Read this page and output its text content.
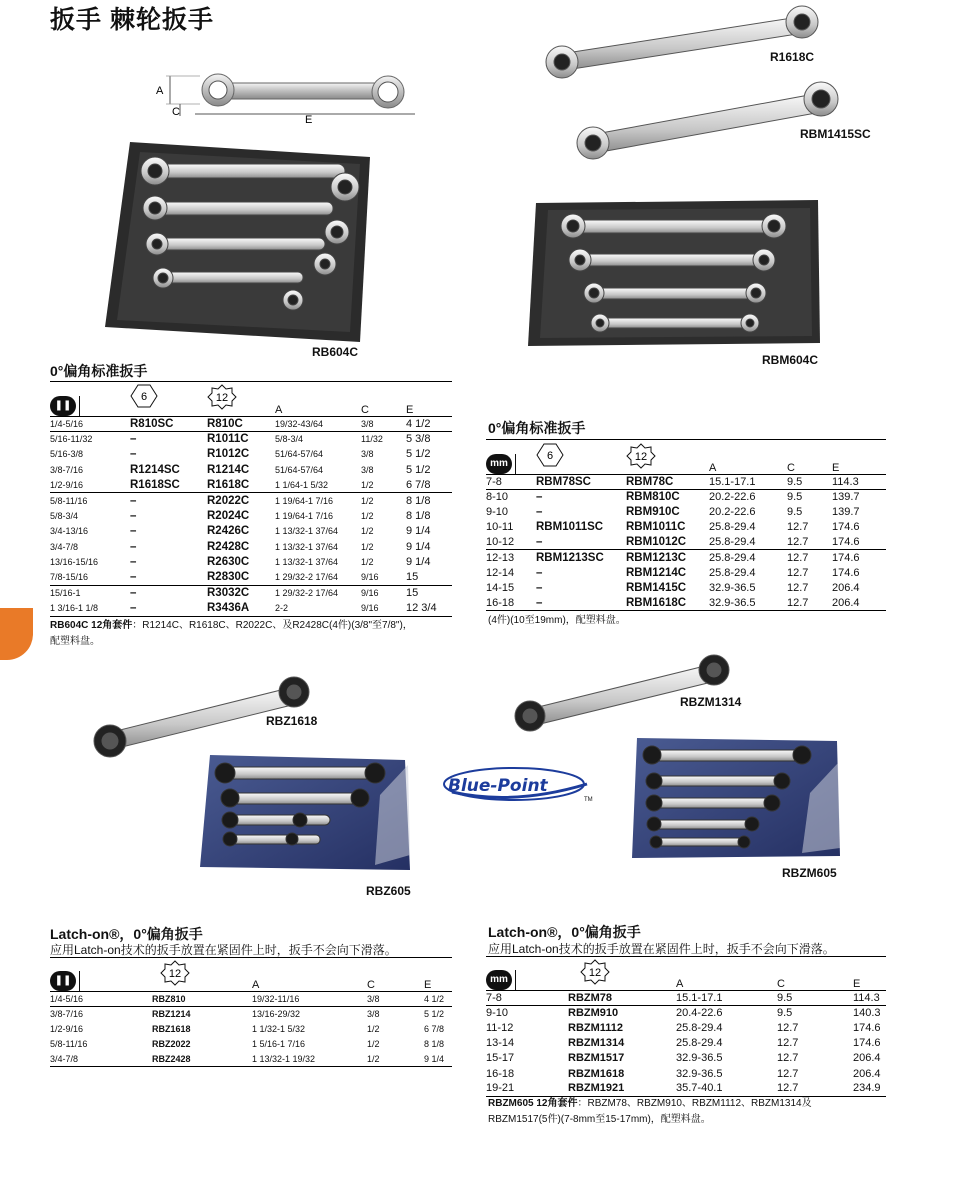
扳手 棘轮扳手
A
C
E
RB604C
R1618C
RBM1415SC
RBM604C
0°偏角标准扳手
❚❚	6	12	A	C	E
1/4-5/16	R810SC	R810C	19/32-43/64	3/8	4 1/2
5/16-11/32	–	R1011C	5/8-3/4	11/32	5 3/8
5/16-3/8	–	R1012C	51/64-57/64	3/8	5 1/2
3/8-7/16	R1214SC	R1214C	51/64-57/64	3/8	5 1/2
1/2-9/16	R1618SC	R1618C	1 1/64-1 5/32	1/2	6 7/8
5/8-11/16	–	R2022C	1 19/64-1 7/16	1/2	8 1/8
5/8-3/4	–	R2024C	1 19/64-1 7/16	1/2	8 1/8
3/4-13/16	–	R2426C	1 13/32-1 37/64	1/2	9 1/4
3/4-7/8	–	R2428C	1 13/32-1 37/64	1/2	9 1/4
13/16-15/16	–	R2630C	1 13/32-1 37/64	1/2	9 1/4
7/8-15/16	–	R2830C	1 29/32-2 17/64	9/16	15
15/16-1	–	R3032C	1 29/32-2 17/64	9/16	15
1 3/16-1 1/8	–	R3436A	2-2	9/16	12 3/4
RB604C 12角套件：R1214C、R1618C、R2022C、及R2428C(4件)(3/8"至7/8")，
配塑料盘。
0°偏角标准扳手
mm	6	12	A	C	E
7-8	RBM78SC	RBM78C	15.1-17.1	9.5	114.3
8-10	–	RBM810C	20.2-22.6	9.5	139.7
9-10	–	RBM910C	20.2-22.6	9.5	139.7
10-11	RBM1011SC	RBM1011C	25.8-29.4	12.7	174.6
10-12	–	RBM1012C	25.8-29.4	12.7	174.6
12-13	RBM1213SC	RBM1213C	25.8-29.4	12.7	174.6
12-14	–	RBM1214C	25.8-29.4	12.7	174.6
14-15	–	RBM1415C	32.9-36.5	12.7	206.4
16-18	–	RBM1618C	32.9-36.5	12.7	206.4
(4件)(10至19mm)，配塑料盘。
RBZ1618
RBZM1314
RBZ605
RBZM605
Blue-Point
TM
Latch-on®，0°偏角扳手
应用Latch-on技术的扳手放置在紧固件上时，扳手不会向下滑落。
❚❚	12	A	C	E
1/4-5/16	RBZ810	19/32-11/16	3/8	4 1/2
3/8-7/16	RBZ1214	13/16-29/32	3/8	5 1/2
1/2-9/16	RBZ1618	1 1/32-1 5/32	1/2	6 7/8
5/8-11/16	RBZ2022	1 5/16-1 7/16	1/2	8 1/8
3/4-7/8	RBZ2428	1 13/32-1 19/32	1/2	9 1/4
Latch-on®，0°偏角扳手
应用Latch-on技术的扳手放置在紧固件上时，扳手不会向下滑落。
mm	12	A	C	E
7-8	RBZM78	15.1-17.1	9.5	114.3
9-10	RBZM910	20.4-22.6	9.5	140.3
11-12	RBZM1112	25.8-29.4	12.7	174.6
13-14	RBZM1314	25.8-29.4	12.7	174.6
15-17	RBZM1517	32.9-36.5	12.7	206.4
16-18	RBZM1618	32.9-36.5	12.7	206.4
19-21	RBZM1921	35.7-40.1	12.7	234.9
RBZM605 12角套件：RBZM78、RBZM910、RBZM1112、RBZM1314及
RBZM1517(5件)(7-8mm至15-17mm)，配塑料盘。
